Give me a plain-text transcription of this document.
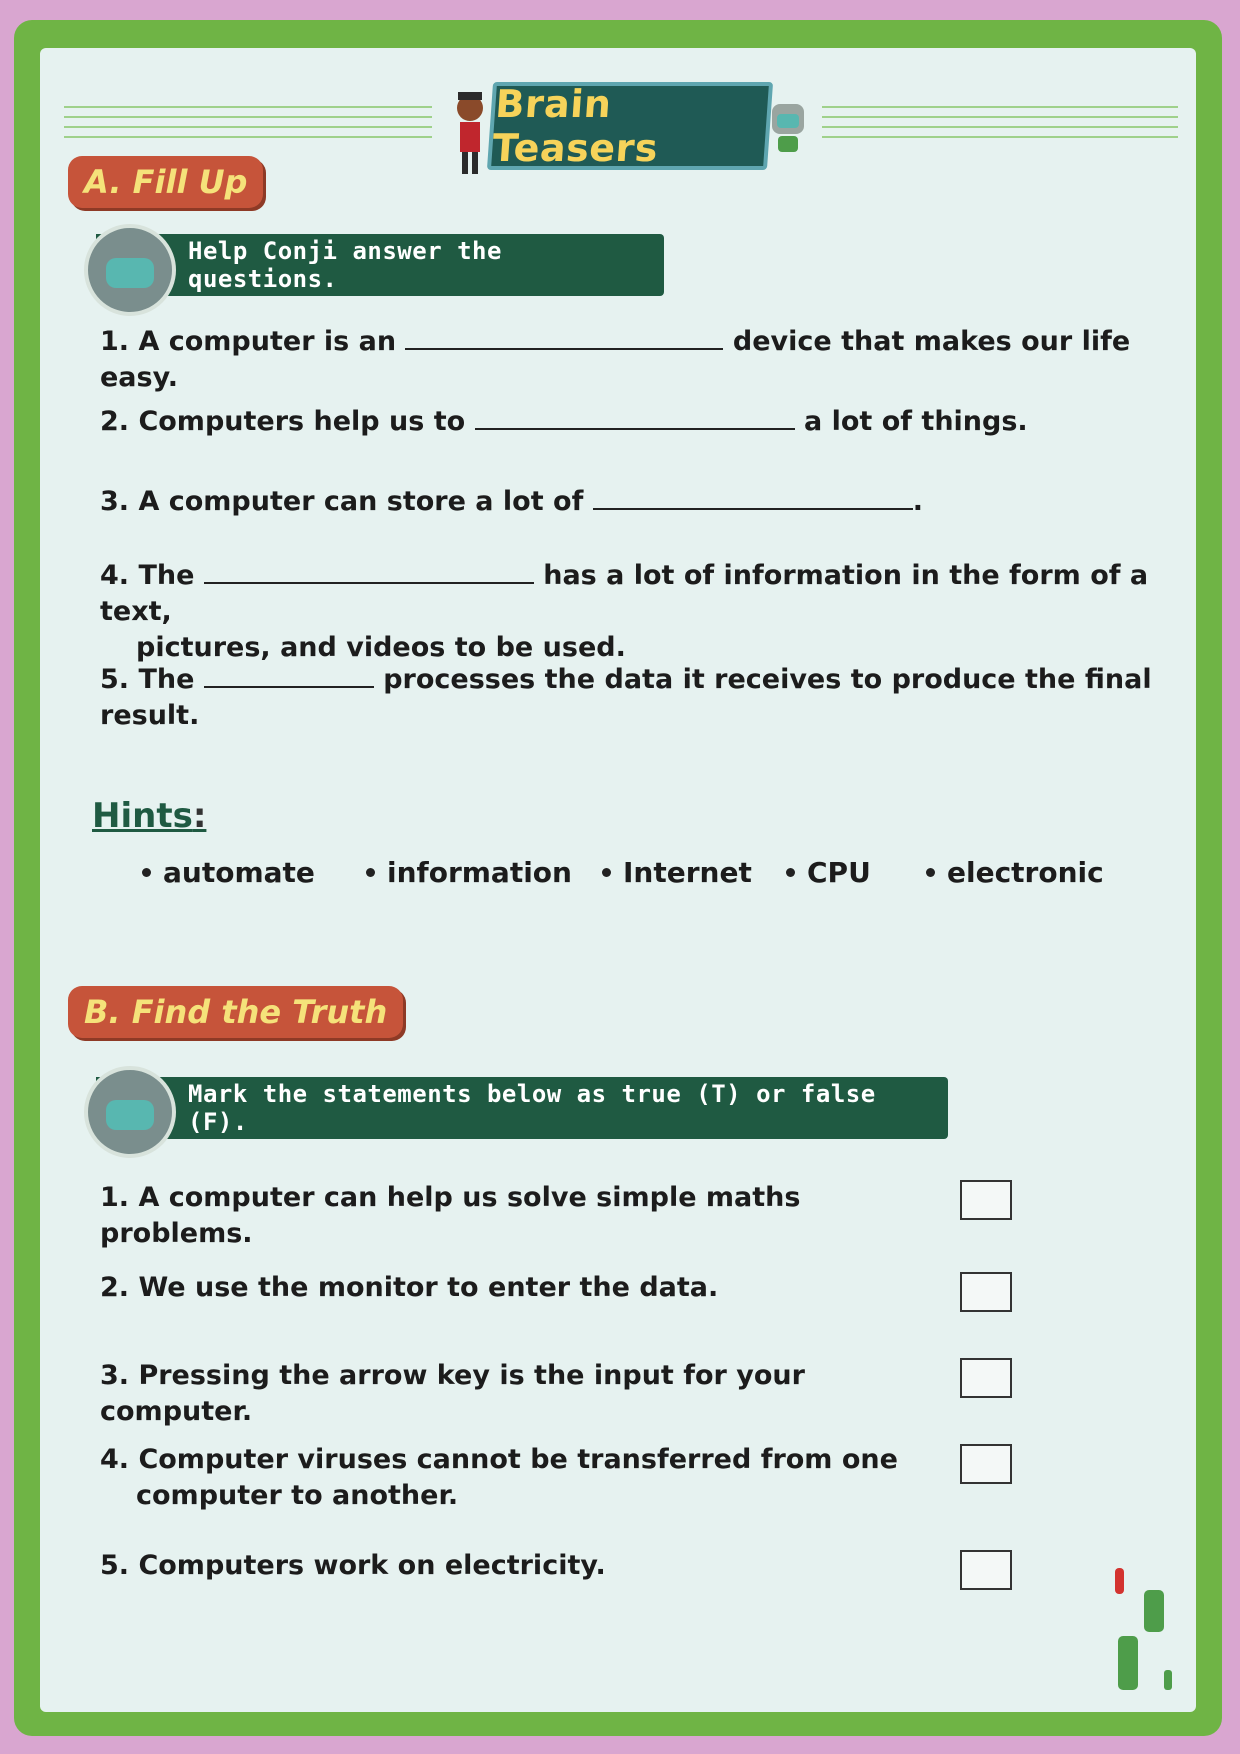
Brain Teasers
A. Fill Up
Help Conji answer the questions.
1. A computer is an	device that makes our life easy.
2. Computers help us to	a lot of things.
3. A computer can store a lot of	.
4. The	has a lot of information in the form of a text,
pictures, and videos to be used.
5. The	processes the data it receives to produce the final result.
Hints:
automate	information Internet CPU	electronic
B. Find the Truth
Mark the statements below as true (T) or false (F).
1. A computer can help us solve simple maths problems.
2. We use the monitor to enter the data.
3. Pressing the arrow key is the input for your computer.
4. Computer viruses cannot be transferred from one
computer to another.
5. Computers work on electricity.
